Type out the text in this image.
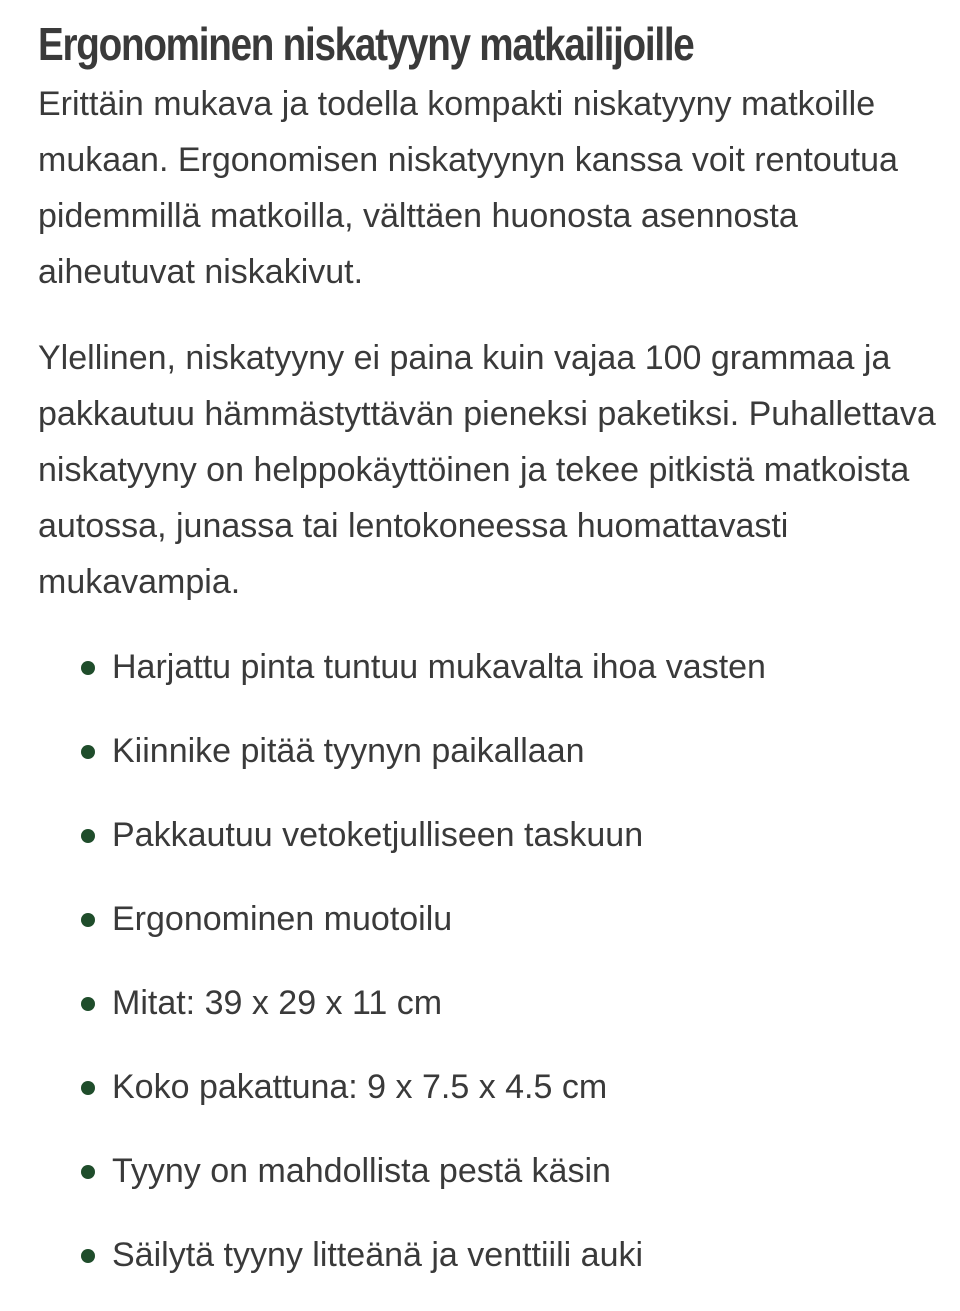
Ergonominen niskatyyny matkailijoille

Erittäin mukava ja todella kompakti niskatyyny matkoille mukaan. Ergonomisen niskatyynyn kanssa voit rentoutua pidemmillä matkoilla, välttäen huonosta asennosta aiheutuvat niskakivut.

Ylellinen, niskatyyny ei paina kuin vajaa 100 grammaa ja pakkautuu hämmästyttävän pieneksi paketiksi. Puhallettava niskatyyny on helppokäyttöinen ja tekee pitkistä matkoista autossa, junassa tai lentokoneessa huomattavasti mukavampia.

Harjattu pinta tuntuu mukavalta ihoa vasten
Kiinnike pitää tyynyn paikallaan
Pakkautuu vetoketjulliseen taskuun
Ergonominen muotoilu
Mitat: 39 x 29 x 11 cm
Koko pakattuna: 9 x 7.5 x 4.5 cm
Tyyny on mahdollista pestä käsin
Säilytä tyyny litteänä ja venttiili auki
